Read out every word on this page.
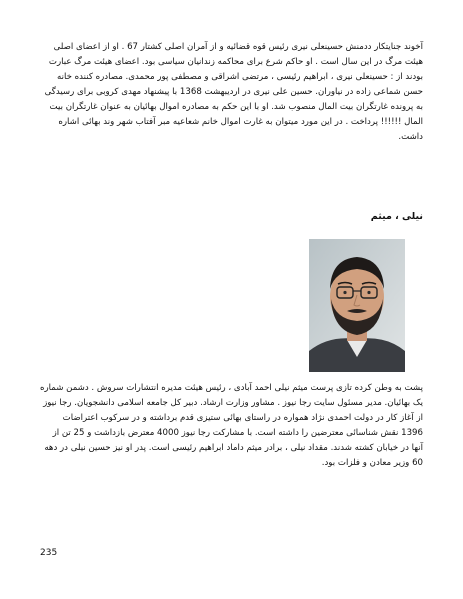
آخوند جنایتکار ددمنش حسینعلی نیری رئیس قوه قضائیه و از آمران اصلی کشتار 67 . او از اعضای اصلی هیئت مرگ در این سال است . او حاکم شرع برای محاکمه زندانیان سیاسی بود. اعضای هیئت مرگ عبارت بودند از : حسینعلی نیری ، ابراهیم رئیسی ، مرتضی اشراقی و مصطفی پور محمدی. مصادره کننده خانه حسن شماعی زاده در نیاوران. حسین علی نیری در اردیبهشت 1368 با پیشنهاد مهدی کروبی برای رسیدگی به پرونده غارتگران بیت المال منصوب شد. او با این حکم به مصادره اموال بهائیان به عنوان غارتگران بیت المال !!!!!! پرداخت . در این مورد میتوان به غارت اموال خانم شعاعیه مبر آفتاب شهر وند بهائی اشاره داشت.

نیلی ، میثم

پشت به وطن کرده تازی پرست میثم نیلی احمد آبادی ، رئیس هیئت مدیره انتشارات سروش . دشمن شماره یک بهائیان. مدیر مسئول سایت رجا نیوز . مشاور وزارت ارشاد. دبیر کل جامعه اسلامی دانشجویان. رجا نیوز از آغاز کار در دولت احمدی نژاد همواره در راستای بهائی ستیزی قدم برداشته و در سرکوب اعتراضات 1396 نقش شناسائی معترضین را داشته است. با مشارکت رجا نیوز 4000 معترض بازداشت و 25 تن از آنها در خیابان کشته شدند. مقداد نیلی ، برادر میثم داماد ابراهیم رئیسی است. پدر او نیز حسین نیلی در دهه 60 وزیر معادن و فلزات بود.

235
